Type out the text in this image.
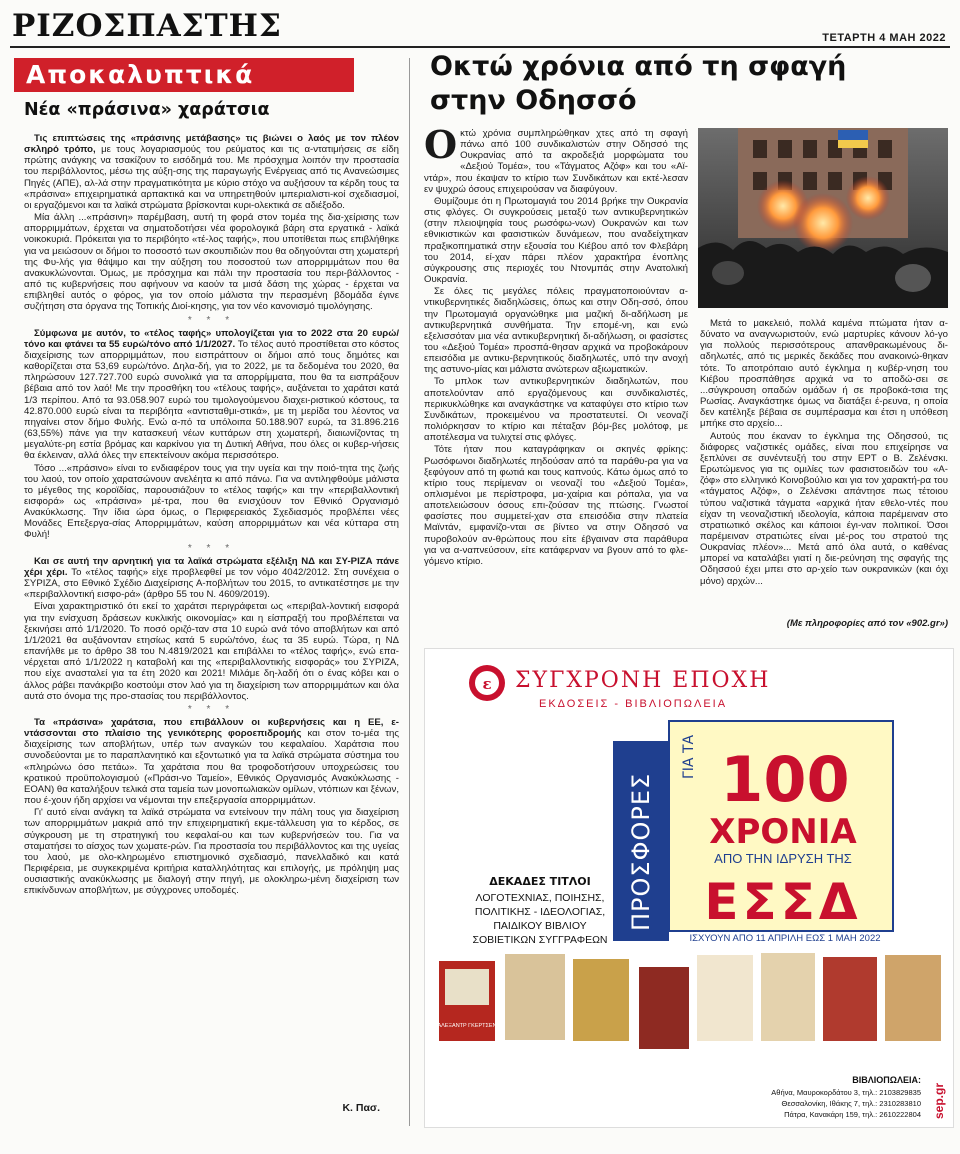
ΡΙΖΟΣΠΑΣΤΗΣ	ΤΕΤΑΡΤΗ 4 ΜΑΗ 2022
Αποκαλυπτικά
Νέα «πράσινα» χαράτσια

Τις επιπτώσεις της «πράσινης μετάβασης» τις βιώνει ο λαός με τον πλέον σκληρό τρόπο, με τους λογαριασμούς του ρεύματος και τις α-ντατιμήσεις σε είδη πρώτης ανάγκης να τσακίζουν το εισόδημά του. Με πρόσχημα λοιπόν την προστασία του περιβάλλοντος, μέσω της αύξη-σης της παραγωγής Ενέργειας από τις Ανανεώσιμες Πηγές (ΑΠΕ), αλ-λά στην πραγματικότητα με κύριο στόχο να αυξήσουν τα κέρδη τους τα «πράσινα» επιχειρηματικά αρπακτικά και να υπηρετηθούν ιμπεριαλιστι-κοί σχεδιασμοί, οι εργαζόμενοι και τα λαϊκά στρώματα βρίσκονται κυρι-ολεκτικά σε αδιέξοδο.

Μία άλλη ...«πράσινη» παρέμβαση, αυτή τη φορά στον τομέα της δια-χείρισης των απορριμμάτων, έρχεται να σηματοδοτήσει νέα φορολογικά βάρη στα εργατικά - λαϊκά νοικοκυριά. Πρόκειται για το περιβόητο «τέ-λος ταφής», που υποτίθεται πως επιβλήθηκε για να μειώσουν οι δήμοι το ποσοστό των σκουπιδιών που θα οδηγούνται στη χωματερή της Φυ-λής για θάψιμο και την αύξηση του ποσοστού των απορριμμάτων που θα ανακυκλώνονται. Όμως, με πρόσχημα και πάλι την προστασία του περι-βάλλοντος - από τις κυβερνήσεις που αφήνουν να καούν τα μισά δάση της χώρας - έρχεται να επιβληθεί αυτός ο φόρος, για τον οποίο μάλιστα την περασμένη βδομάδα έγινε συζήτηση στα όργανα της Τοπικής Διοί-κησης, για τον νέο κανονισμό τιμολόγησης.

* * *

Σύμφωνα με αυτόν, το «τέλος ταφής» υπολογίζεται για το 2022 στα 20 ευρώ/τόνο και φτάνει τα 55 ευρώ/τόνο από 1/1/2027. Το τέλος αυτό προστίθεται στο κόστος διαχείρισης των απορριμμάτων, που εισπράττουν οι δήμοι από τους δημότες και καθορίζεται στα 53,69 ευρώ/τόνο. Δηλα-δή, για το 2022, με τα δεδομένα του 2020, θα πληρώσουν 127.727.700 ευρώ συνολικά για τα απορρίμματα, που θα τα εισπράξουν βέβαια από τον λαό! Με την προσθήκη του «τέλους ταφής», αυξάνεται το χαράτσι κατά 1/3 περίπου. Από τα 93.058.907 ευρώ του τιμολογούμενου διαχει-ριστικού κόστους, τα 42.870.000 ευρώ είναι τα περιβόητα «αντισταθμι-στικά», με τη μερίδα του λέοντος να πηγαίνει στον δήμο Φυλής. Ενώ α-πό τα υπόλοιπα 50.188.907 ευρώ, τα 31.896.216 (63,55%) πάνε για την κατασκευή νέων κυττάρων στη χωματερή, διαιωνίζοντας τη μεγαλύτε-ρη εστία βρόμας και καρκίνου για τη Δυτική Αθήνα, που όλες οι κυβερ-νήσεις θα έκλειναν, αλλά όλες την επεκτείνουν ακόμα περισσότερο.

Τόσο ...«πράσινο» είναι το ενδιαφέρον τους για την υγεία και την ποιό-τητα της ζωής του λαού, τον οποίο χαρατσώνουν ανελέητα κι από πάνω. Για να αντιληφθούμε μάλιστα το μέγεθος της κοροϊδίας, παρουσιάζουν το «τέλος ταφής» και την «περιβαλλοντική εισφορά» ως «πράσινα» μέ-τρα, που θα ενισχύουν τον Εθνικό Οργανισμό Ανακύκλωσης. Την ίδια ώρα όμως, ο Περιφερειακός Σχεδιασμός προβλέπει νέες Μονάδες Επεξεργα-σίας Απορριμμάτων, καύση απορριμμάτων και νέα κύτταρα στη Φυλή!

* * *

Και σε αυτή την αρνητική για τα λαϊκά στρώματα εξέλιξη ΝΔ και ΣΥ-ΡΙΖΑ πάνε χέρι χέρι. Το «τέλος ταφής» είχε προβλεφθεί με τον νόμο 4042/2012. Στη συνέχεια ο ΣΥΡΙΖΑ, στο Εθνικό Σχέδιο Διαχείρισης Α-ποβλήτων του 2015, το αντικατέστησε με την «περιβαλλοντική εισφο-ρά» (άρθρο 55 του Ν. 4609/2019).

Είναι χαρακτηριστικό ότι εκεί το χαράτσι περιγράφεται ως «περιβαλ-λοντική εισφορά για την ενίσχυση δράσεων κυκλικής οικονομίας» και η είσπραξή του προβλέπεται να ξεκινήσει από 1/1/2020. Το ποσό οριζό-ταν στα 10 ευρώ ανά τόνο αποβλήτων και από 1/1/2021 θα αυξάνονταν ετησίως κατά 5 ευρώ/τόνο, έως τα 35 ευρώ. Τώρα, η ΝΔ επανήλθε με το άρθρο 38 του Ν.4819/2021 και επιβάλλει το «τέλος ταφής», ενώ επα-νέρχεται από 1/1/2022 η καταβολή και της «περιβαλλοντικής εισφοράς» του ΣΥΡΙΖΑ, που είχε ανασταλεί για τα έτη 2020 και 2021! Μιλάμε δη-λαδή ότι ο ένας κόβει και ο άλλος ράβει πανάκριβο κοστούμι στον λαό για τη διαχείριση των απορριμμάτων και όλα αυτά στο όνομα της προ-στασίας του περιβάλλοντος.

* * *

Τα «πράσινα» χαράτσια, που επιβάλλουν οι κυβερνήσεις και η ΕΕ, ε-ντάσσονται στο πλαίσιο της γενικότερης φοροεπιδρομής και στον το-μέα της διαχείρισης των αποβλήτων, υπέρ των αναγκών του κεφαλαίου. Χαράτσια που συνοδεύονται με το παραπλανητικό και εξοντωτικό για τα λαϊκά στρώματα σύστημα του «πληρώνω όσο πετάω». Τα χαράτσια που θα τροφοδοτήσουν υποχρεώσεις του κρατικού προϋπολογισμού («Πράσι-νο Ταμείο», Εθνικός Οργανισμός Ανακύκλωσης - ΕΟΑΝ) θα καταλήξουν τελικά στα ταμεία των μονοπωλιακών ομίλων, ντόπιων και ξένων, που έ-χουν ήδη αρχίσει να νέμονται την επεξεργασία απορριμμάτων.

Γι' αυτό είναι ανάγκη τα λαϊκά στρώματα να εντείνουν την πάλη τους για διαχείριση των απορριμμάτων μακριά από την επιχειρηματική εκμε-τάλλευση για το κέρδος, σε σύγκρουση με τη στρατηγική του κεφαλαί-ου και των κυβερνήσεών του. Για να σταματήσει το αίσχος των χωματε-ρών. Για προστασία του περιβάλλοντος και της υγείας του λαού, με ολο-κληρωμένο επιστημονικό σχεδιασμό, πανελλαδικό και κατά Περιφέρεια, με συγκεκριμένα κριτήρια καταλληλότητας και επιλογής, με πρόληψη μας ουσιαστικής ανακύκλωσης με διαλογή στην πηγή, με ολοκληρω-μένη διαχείριση των επικίνδυνων αποβλήτων, με σύγχρονες υποδομές.

Κ. Πασ.
Οκτώ χρόνια από τη σφαγή
στην Οδησσό

Οκτώ χρόνια συμπληρώθηκαν χτες από τη σφαγή πάνω από 100 συνδικαλιστών στην Οδησσό της Ουκρανίας από τα ακροδεξιά μορφώματα του «Δεξιού Τομέα», του «Τάγματος Αζόφ» και του «Αϊ-ντάρ», που έκαψαν το κτίριο των Συνδικάτων και εκτέ-λεσαν εν ψυχρώ όσους επιχειρούσαν να διαφύγουν.

Θυμίζουμε ότι η Πρωτομαγιά του 2014 βρήκε την Ουκρανία στις φλόγες. Οι συγκρούσεις μεταξύ των αντικυβερνητικών (στην πλειοψηφία τους ρωσόφω-νων) Ουκρανών και των εθνικιστικών και φασιστικών δυνάμεων, που αναδείχτηκαν πραξικοπηματικά στην εξουσία του Κιέβου από τον Φλεβάρη του 2014, εί-χαν πάρει πλέον χαρακτήρα ένοπλης σύγκρουσης στις περιοχές του Ντονμπάς στην Ανατολική Ουκρανία.

Σε όλες τις μεγάλες πόλεις πραγματοποιούνταν α-ντικυβερνητικές διαδηλώσεις, όπως και στην Οδη-σσό, όπου την Πρωτομαγιά οργανώθηκε μια μαζική δι-αδήλωση με αντικυβερνητικά συνθήματα. Την επομέ-νη, και ενώ εξελισσόταν μια νέα αντικυβερνητική δι-αδήλωση, οι φασίστες του «Δεξιού Τομέα» προσπά-θησαν αρχικά να προβοκάρουν επεισόδια με αντικυ-βερνητικούς διαδηλωτές, υπό την ανοχή της αστυνο-μίας και μάλιστα ανώτερων αξιωματικών.

Το μπλοκ των αντικυβερνητικών διαδηλωτών, που αποτελούνταν από εργαζόμενους και συνδικαλιστές, περικυκλώθηκε και αναγκάστηκε να καταφύγει στο κτίριο των Συνδικάτων, προκειμένου να προστατευτεί. Οι νεοναζί πολιόρκησαν το κτίριο και πέταξαν βόμ-βες μολότοφ, με αποτέλεσμα να τυλιχτεί στις φλόγες.

Τότε ήταν που καταγράφηκαν οι σκηνές φρίκης: Ρωσόφωνοι διαδηλωτές πηδούσαν από τα παράθυ-ρα για να ξεφύγουν από τη φωτιά και τους καπνούς. Κάτω όμως από το κτίριο τους περίμεναν οι νεοναζί του «Δεξιού Τομέα», οπλισμένοι με περίστροφα, μα-χαίρια και ρόπαλα, για να αποτελειώσουν όσους επι-ζούσαν της πτώσης. Γνωστοί φασίστες που συμμετεί-χαν στα επεισόδια στην πλατεία Μαϊντάν, εμφανίζο-νται σε βίντεο να στην Οδησσό να πυροβολούν αν-θρώπους που είτε έβγαιναν στα παράθυρα για να α-ναπνεύσουν, είτε κατάφερναν να βγουν από το φλε-γόμενο κτίριο.

Μετά το μακελειό, πολλά καμένα πτώματα ήταν α-δύνατο να αναγνωριστούν, ενώ μαρτυρίες κάνουν λό-γο για πολλούς περισσότερους απανθρακωμένους δι-αδηλωτές, από τις μερικές δεκάδες που ανακοινώ-θηκαν τότε. Το αποτρόπαιο αυτό έγκλημα η κυβέρ-νηση του Κιέβου προσπάθησε αρχικά να το αποδώ-σει σε ...σύγκρουση οπαδών ομάδων ή σε προβοκά-τσια της Ρωσίας. Αναγκάστηκε όμως να διατάξει έ-ρευνα, η οποία δεν κατέληξε βέβαια σε συμπέρασμα και έτσι η υπόθεση μπήκε στο αρχείο...

Αυτούς που έκαναν το έγκλημα της Οδησσού, τις διάφορες ναζιστικές ομάδες, είναι που επιχείρησε να ξεπλύνει σε συνέντευξή του στην ΕΡΤ ο Β. Ζελένσκι. Ερωτώμενος για τις ομιλίες των φασιστοειδών του «Α-ζόφ» στο ελληνικό Κοινοβούλιο και για τον χαρακτή-ρα του «τάγματος Αζόφ», ο Ζελένσκι απάντησε πως τέτοιου τύπου ναζιστικά τάγματα «αρχικά ήταν εθελο-ντές που είχαν τη νεοναζιστική ιδεολογία, κάποια παρέμειναν στο στρατιωτικό σκέλος και κάποιοι έγι-ναν πολιτικοί. Όσοι παρέμειναν στρατιώτες είναι μέ-ρος του στρατού της Ουκρανίας πλέον»... Μετά από όλα αυτά, ο καθένας μπορεί να καταλάβει γιατί η διε-ρεύνηση της σφαγής της Οδησσού έχει μπει στο αρ-χείο των ουκρανικών (και όχι μόνο) αρχών...

(Με πληροφορίες από τον «902.gr»)
ε ΣΥΓΧΡΟΝΗ ΕΠΟΧΗ
ΕΚΔΟΣΕΙΣ - ΒΙΒΛΙΟΠΩΛΕΙΑ
ΠΡΟΣΦΟΡΕΣ
ΓΙΑ ΤΑ 100
ΧΡΟΝΙΑ
ΑΠΟ ΤΗΝ ΙΔΡΥΣΗ ΤΗΣ
ΕΣΣΔ
ΙΣΧΥΟΥΝ ΑΠΟ 11 ΑΠΡΙΛΗ ΕΩΣ 1 ΜΑΗ 2022
ΔΕΚΑΔΕΣ ΤΙΤΛΟΙ
ΛΟΓΟΤΕΧΝΙΑΣ, ΠΟΙΗΣΗΣ,
ΠΟΛΙΤΙΚΗΣ - ΙΔΕΟΛΟΓΙΑΣ,
ΠΑΙΔΙΚΟΥ ΒΙΒΛΙΟΥ
ΣΟΒΙΕΤΙΚΩΝ ΣΥΓΓΡΑΦΕΩΝ
ΑΛΕΞΑΝΤΡ ΓΚΕΡΤΣΕΝ
ΒΙΒΛΙΟΠΩΛΕΙΑ:
Αθήνα, Μαυροκορδάτου 3, τηλ.: 2103829835
Θεσσαλονίκη, Ιθάκης 7, τηλ.: 2310283810
Πάτρα, Κανακάρη 159, τηλ.: 2610222804 sep.gr
